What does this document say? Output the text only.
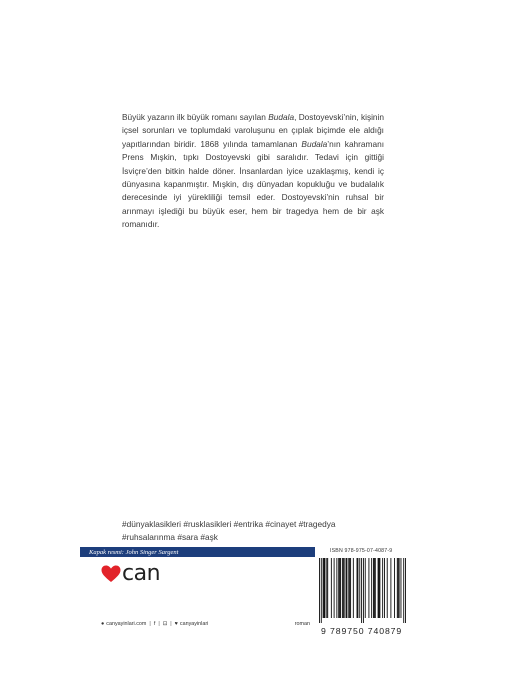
Büyük yazarın ilk büyük romanı sayılan Budala, Dostoyevski’nin, kişinin içsel sorunları ve toplumdaki varoluşunu en çıplak biçimde ele aldığı yapıtlarından biridir. 1868 yılında tamamlanan Budala’nın kahramanı Prens Mışkin, tıpkı Dostoyevski gibi saralıdır. Tedavi için gittiği İsviçre’den bitkin halde döner. İnsanlardan iyice uzaklaşmış, kendi iç dünyasına kapanmıştır. Mışkin, dış dünyadan kopukluğu ve budalalık derecesinde iyi yürekliliği temsil eder. Dostoyevski’nin ruhsal bir arınmayı işlediği bu büyük eser, hem bir tragedya hem de bir aşk romanıdır.

#dünyaklasikleri #rusklasikleri #entrika #cinayet #tragedya #ruhsalarınma #sara #aşk
Kapak resmi: John Singer Sargent
can
● canyayinlari.com | f | ⊡ | ♥ canyayinlari	roman
ISBN 978-975-07-4087-9
9 789750 740879
